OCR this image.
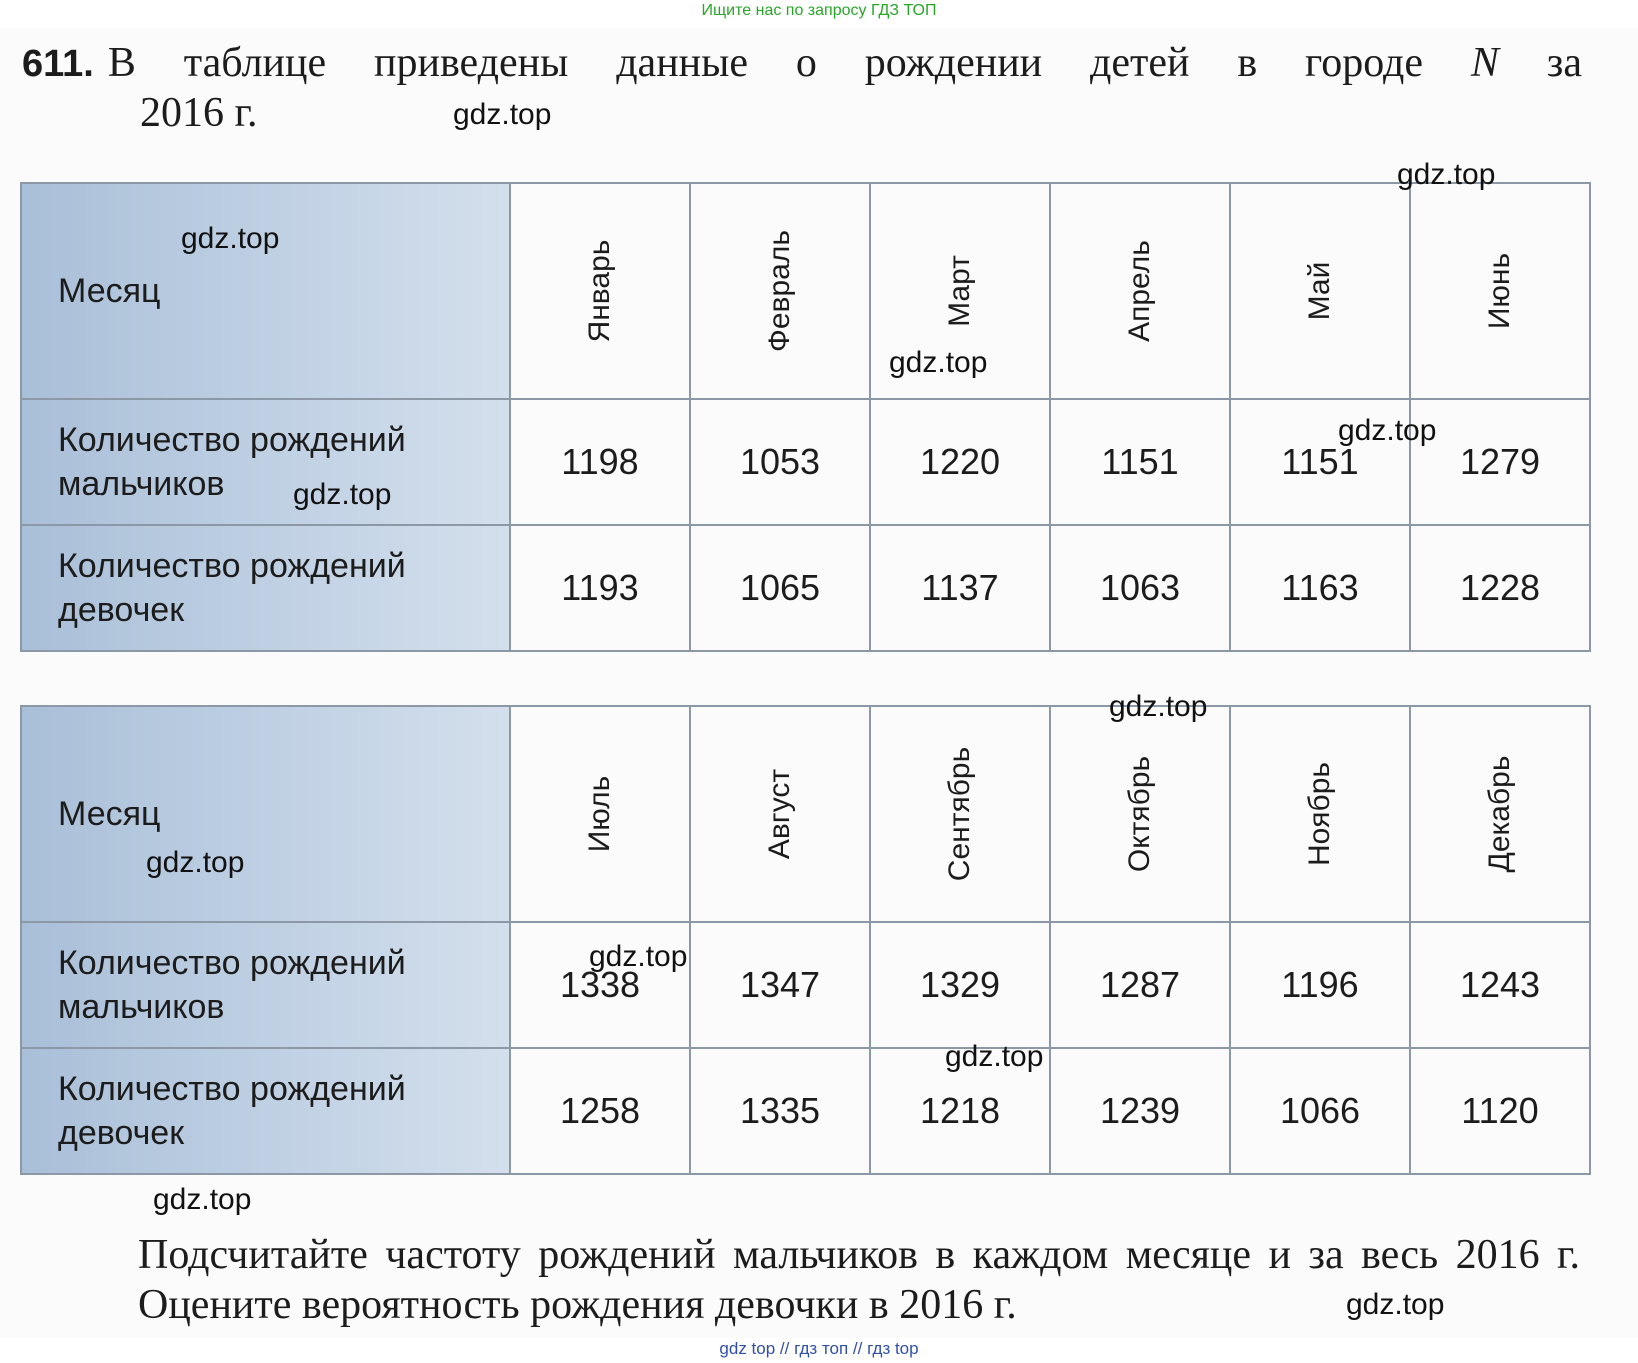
Ищите нас по запросу ГДЗ ТОП
611. В таблице приведены данные о рождении детей в городе N за
2016 г.
Месяц	Январь	Февраль	Март	Апрель	Май	Июнь

Количество рождений мальчиков	1198	1053	1220	1151	1151	1279
Количество рождений девочек	1193	1065	1137	1063	1163	1228
Месяц	Июль	Август	Сентябрь	Октябрь	Ноябрь	Декабрь

Количество рождений мальчиков	1338	1347	1329	1287	1196	1243
Количество рождений девочек	1258	1335	1218	1239	1066	1120
Подсчитайте частоту рождений мальчиков в каждом месяце и за весь 2016 г. Оцените вероятность рождения девочки в 2016 г.
gdz.top
gdz.top
gdz.top
gdz.top
gdz.top
gdz.top
gdz.top
gdz.top
gdz.top
gdz.top
gdz.top
gdz.top
gdz top // гдз топ // гдз top
